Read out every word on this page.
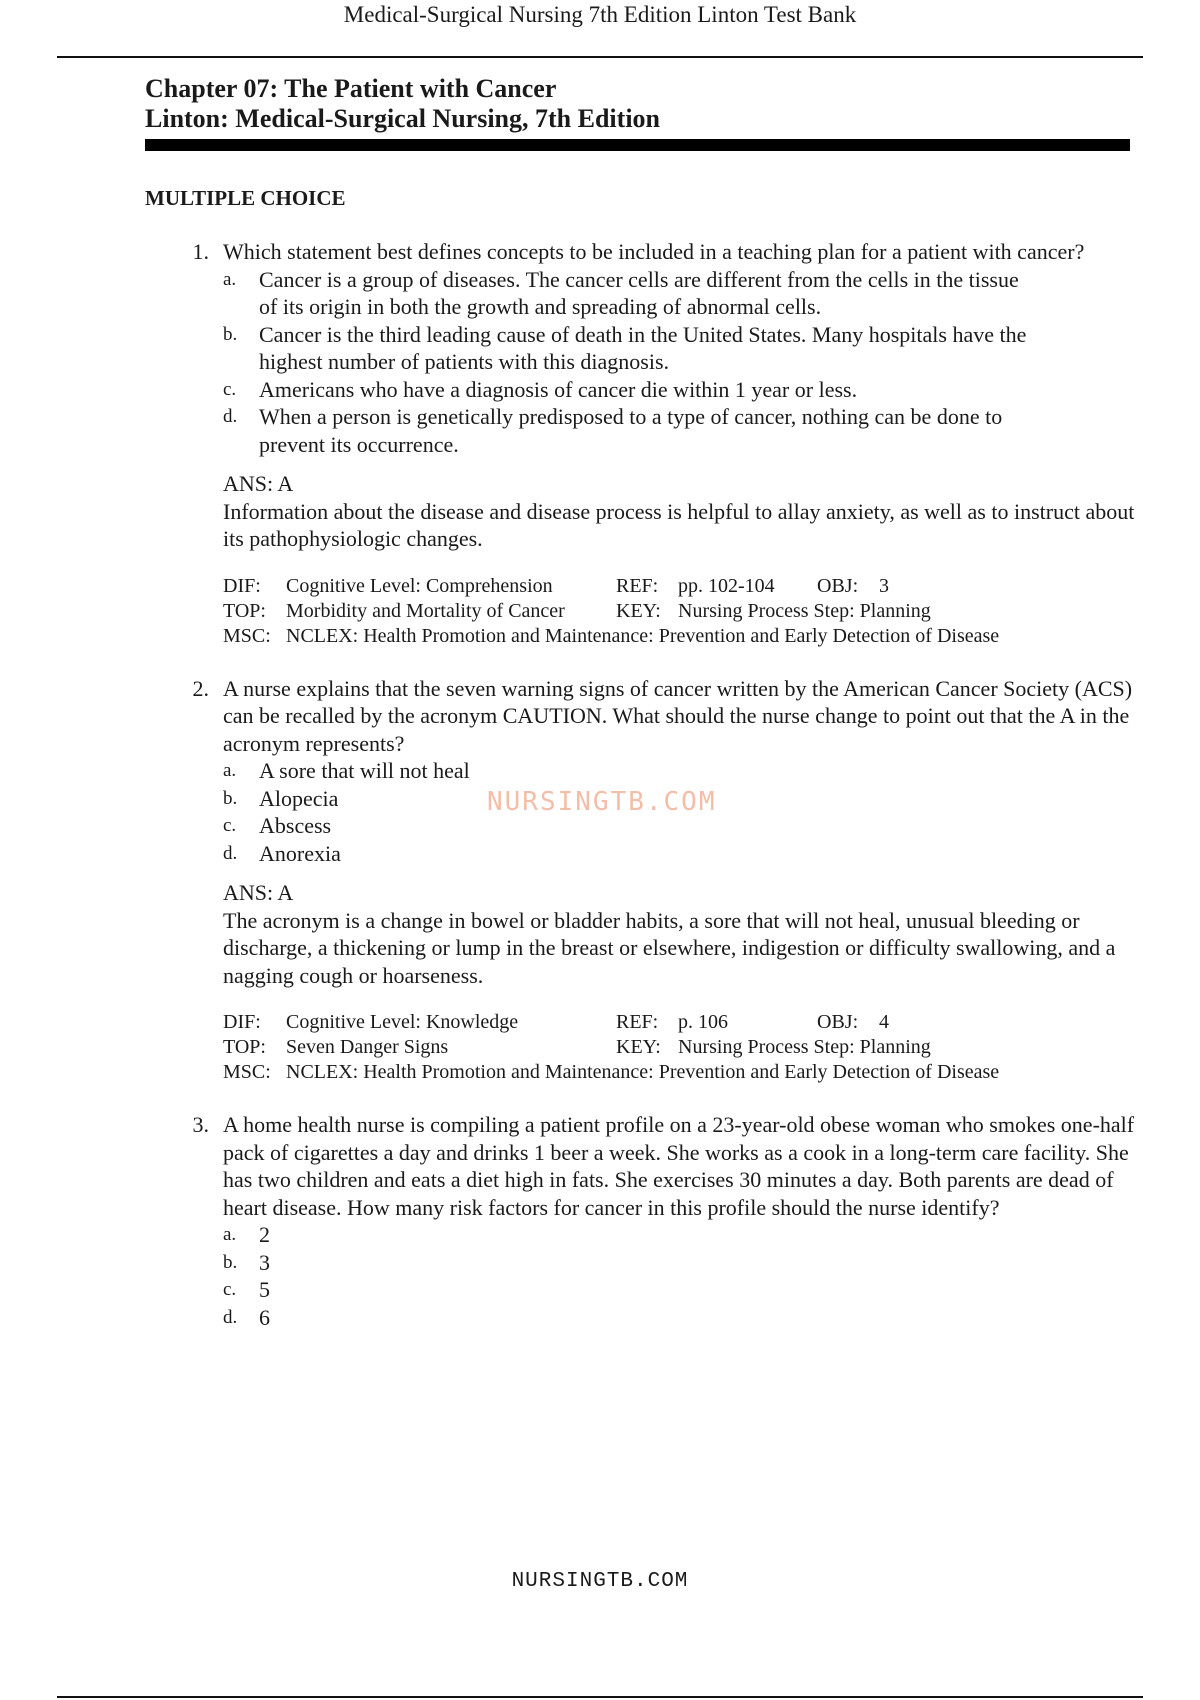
Medical-Surgical Nursing 7th Edition Linton Test Bank
Chapter 07: The Patient with Cancer
Linton: Medical-Surgical Nursing, 7th Edition
MULTIPLE CHOICE
1. Which statement best defines concepts to be included in a teaching plan for a patient with cancer?

a.	Cancer is a group of diseases. The cancer cells are different from the cells in the tissue of its origin in both the growth and spreading of abnormal cells.
b. Cancer is the third leading cause of death in the United States. Many hospitals have the highest number of patients with this diagnosis.
c.	Americans who have a diagnosis of cancer die within 1 year or less.
d. When a person is genetically predisposed to a type of cancer, nothing can be done to prevent its occurrence.
ANS: A

Information about the disease and disease process is helpful to allay anxiety, as well as to instruct about its pathophysiologic changes.

DIF:	Cognitive Level: Comprehension	REF: pp. 102-104	OBJ:	3
TOP:	Morbidity and Mortality of Cancer	KEY: Nursing Process Step: Planning
MSC: NCLEX: Health Promotion and Maintenance: Prevention and Early Detection of Disease
2. A nurse explains that the seven warning signs of cancer written by the American Cancer Society (ACS) can be recalled by the acronym CAUTION. What should the nurse change to point out that the A in the acronym represents?

a.	A sore that will not heal
b. Alopecia
c.	Abscess
d. Anorexia
ANS: A

The acronym is a change in bowel or bladder habits, a sore that will not heal, unusual bleeding or discharge, a thickening or lump in the breast or elsewhere, indigestion or difficulty swallowing, and a nagging cough or hoarseness.

DIF:	Cognitive Level: Knowledge	REF: p. 106	OBJ:	4
TOP:	Seven Danger Signs	KEY: Nursing Process Step: Planning
MSC: NCLEX: Health Promotion and Maintenance: Prevention and Early Detection of Disease
3. A home health nurse is compiling a patient profile on a 23-year-old obese woman who smokes one-half pack of cigarettes a day and drinks 1 beer a week. She works as a cook in a long-term care facility. She has two children and eats a diet high in fats. She exercises 30 minutes a day. Both parents are dead of heart disease. How many risk factors for cancer in this profile should the nurse identify?

a.	2
b. 3
c.	5
d. 6
NURSINGTB.COM
NURSINGTB.COM
